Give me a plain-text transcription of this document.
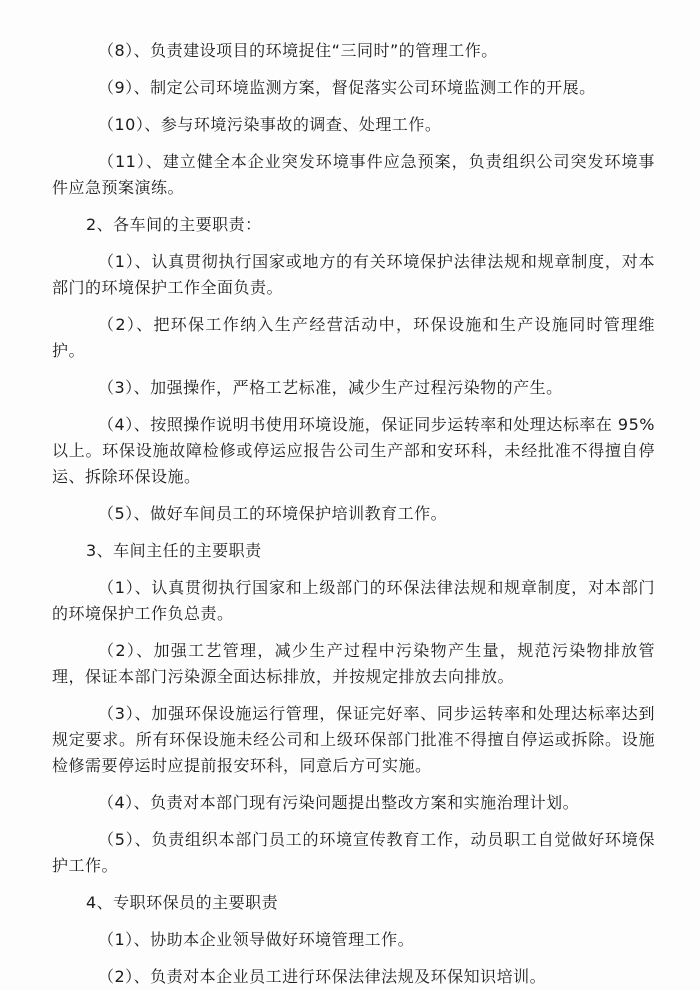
（8）、负责建设项目的环境捉住“三同时”的管理工作。

（9）、制定公司环境监测方案，督促落实公司环境监测工作的开展。

（10）、参与环境污染事故的调查、处理工作。

（11）、建立健全本企业突发环境事件应急预案，负责组织公司突发环境事件应急预案演练。

2、各车间的主要职责：

（1）、认真贯彻执行国家或地方的有关环境保护法律法规和规章制度，对本部门的环境保护工作全面负责。

（2）、把环保工作纳入生产经营活动中，环保设施和生产设施同时管理维护。

（3）、加强操作，严格工艺标准，减少生产过程污染物的产生。

（4）、按照操作说明书使用环境设施，保证同步运转率和处理达标率在 95%以上。环保设施故障检修或停运应报告公司生产部和安环科，未经批准不得擅自停运、拆除环保设施。

（5）、做好车间员工的环境保护培训教育工作。

3、车间主任的主要职责

（1）、认真贯彻执行国家和上级部门的环保法律法规和规章制度，对本部门的环境保护工作负总责。

（2）、加强工艺管理，减少生产过程中污染物产生量，规范污染物排放管理，保证本部门污染源全面达标排放，并按规定排放去向排放。

（3）、加强环保设施运行管理，保证完好率、同步运转率和处理达标率达到规定要求。所有环保设施未经公司和上级环保部门批准不得擅自停运或拆除。设施检修需要停运时应提前报安环科，同意后方可实施。

（4）、负责对本部门现有污染问题提出整改方案和实施治理计划。

（5）、负责组织本部门员工的环境宣传教育工作，动员职工自觉做好环境保护工作。

4、专职环保员的主要职责

（1）、协助本企业领导做好环境管理工作。

（2）、负责对本企业员工进行环保法律法规及环保知识培训。
